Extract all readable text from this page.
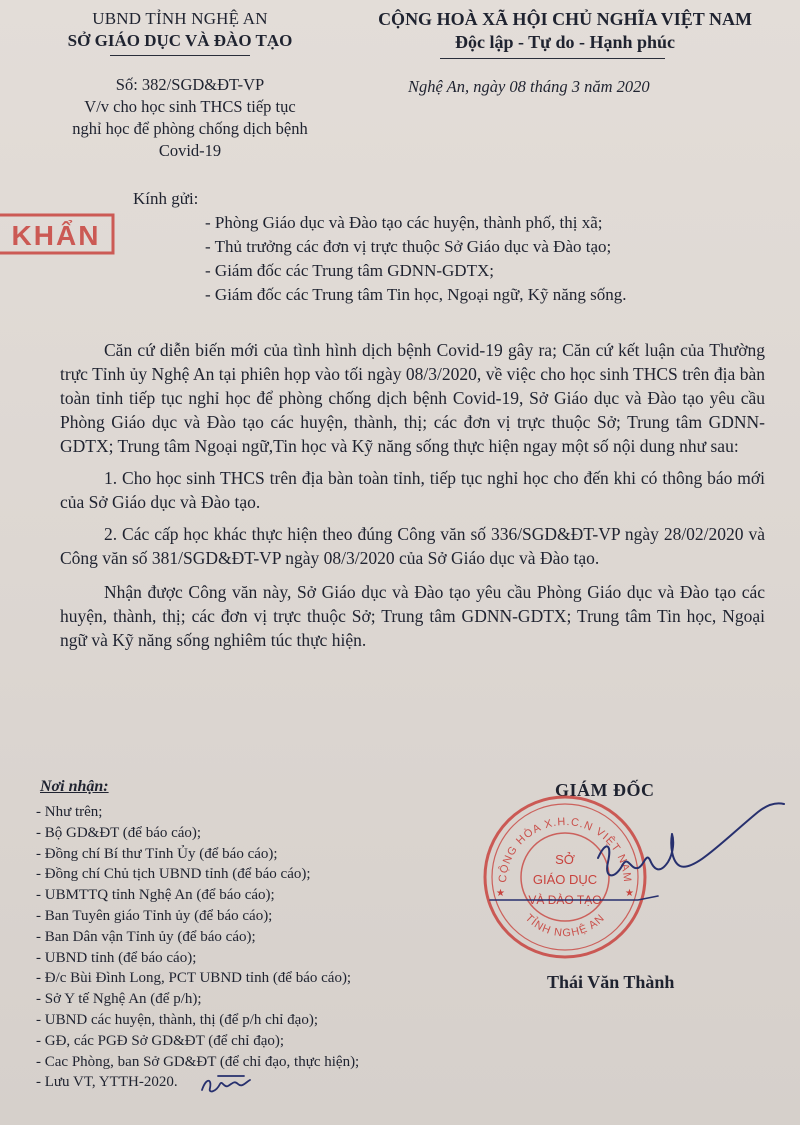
UBND TỈNH NGHỆ AN
SỞ GIÁO DỤC VÀ ĐÀO TẠO
CỘNG HOÀ XÃ HỘI CHỦ NGHĨA VIỆT NAM
Độc lập - Tự do - Hạnh phúc
Số: 382/SGD&ĐT-VP
V/v cho học sinh THCS tiếp tục
nghỉ học để phòng chống dịch bệnh
Covid-19
Nghệ An, ngày 08 tháng 3 năm 2020
KHẨN
Kính gửi:
- Phòng Giáo dục và Đào tạo các huyện, thành phố, thị xã;
- Thủ trưởng các đơn vị trực thuộc Sở Giáo dục và Đào tạo;
- Giám đốc các Trung tâm GDNN-GDTX;
- Giám đốc các Trung tâm Tin học, Ngoại ngữ, Kỹ năng sống.

Căn cứ diễn biến mới của tình hình dịch bệnh Covid-19 gây ra; Căn cứ kết luận của Thường trực Tỉnh ủy Nghệ An tại phiên họp vào tối ngày 08/3/2020, về việc cho học sinh THCS trên địa bàn toàn tỉnh tiếp tục nghỉ học để phòng chống dịch bệnh Covid-19, Sở Giáo dục và Đào tạo yêu cầu Phòng Giáo dục và Đào tạo các huyện, thành, thị; các đơn vị trực thuộc Sở; Trung tâm GDNN-GDTX; Trung tâm Ngoại ngữ,Tin học và Kỹ năng sống thực hiện ngay một số nội dung như sau:

1. Cho học sinh THCS trên địa bàn toàn tỉnh, tiếp tục nghỉ học cho đến khi có thông báo mới của Sở Giáo dục và Đào tạo.

2. Các cấp học khác thực hiện theo đúng Công văn số 336/SGD&ĐT-VP ngày 28/02/2020 và Công văn số 381/SGD&ĐT-VP ngày 08/3/2020 của Sở Giáo dục và Đào tạo.

Nhận được Công văn này, Sở Giáo dục và Đào tạo yêu cầu Phòng Giáo dục và Đào tạo các huyện, thành, thị; các đơn vị trực thuộc Sở; Trung tâm GDNN-GDTX; Trung tâm Tin học, Ngoại ngữ và Kỹ năng sống nghiêm túc thực hiện.

Nơi nhận:
- Như trên;
- Bộ GD&ĐT (để báo cáo);
- Đồng chí Bí thư Tỉnh Ủy (để báo cáo);
- Đồng chí Chủ tịch UBND tỉnh (để báo cáo);
- UBMTTQ tỉnh Nghệ An (để báo cáo);
- Ban Tuyên giáo Tỉnh ủy (để báo cáo);
- Ban Dân vận Tỉnh ủy (để báo cáo);
- UBND tỉnh (để báo cáo);
- Đ/c Bùi Đình Long, PCT UBND tỉnh (để báo cáo);
- Sở Y tế Nghệ An (để p/h);
- UBND các huyện, thành, thị (để p/h chỉ đạo);
- GĐ, các PGĐ Sở GD&ĐT (để chỉ đạo);
- Cac Phòng, ban Sở GD&ĐT (để chỉ đạo, thực hiện);
- Lưu VT, YTTH-2020.
GIÁM ĐỐC
CỘNG HÒA X.H.C.N VIỆT NAM
TỈNH NGHỆ AN
★	★
SỞ
GIÁO DỤC
VÀ ĐÀO TẠO
Thái Văn Thành
